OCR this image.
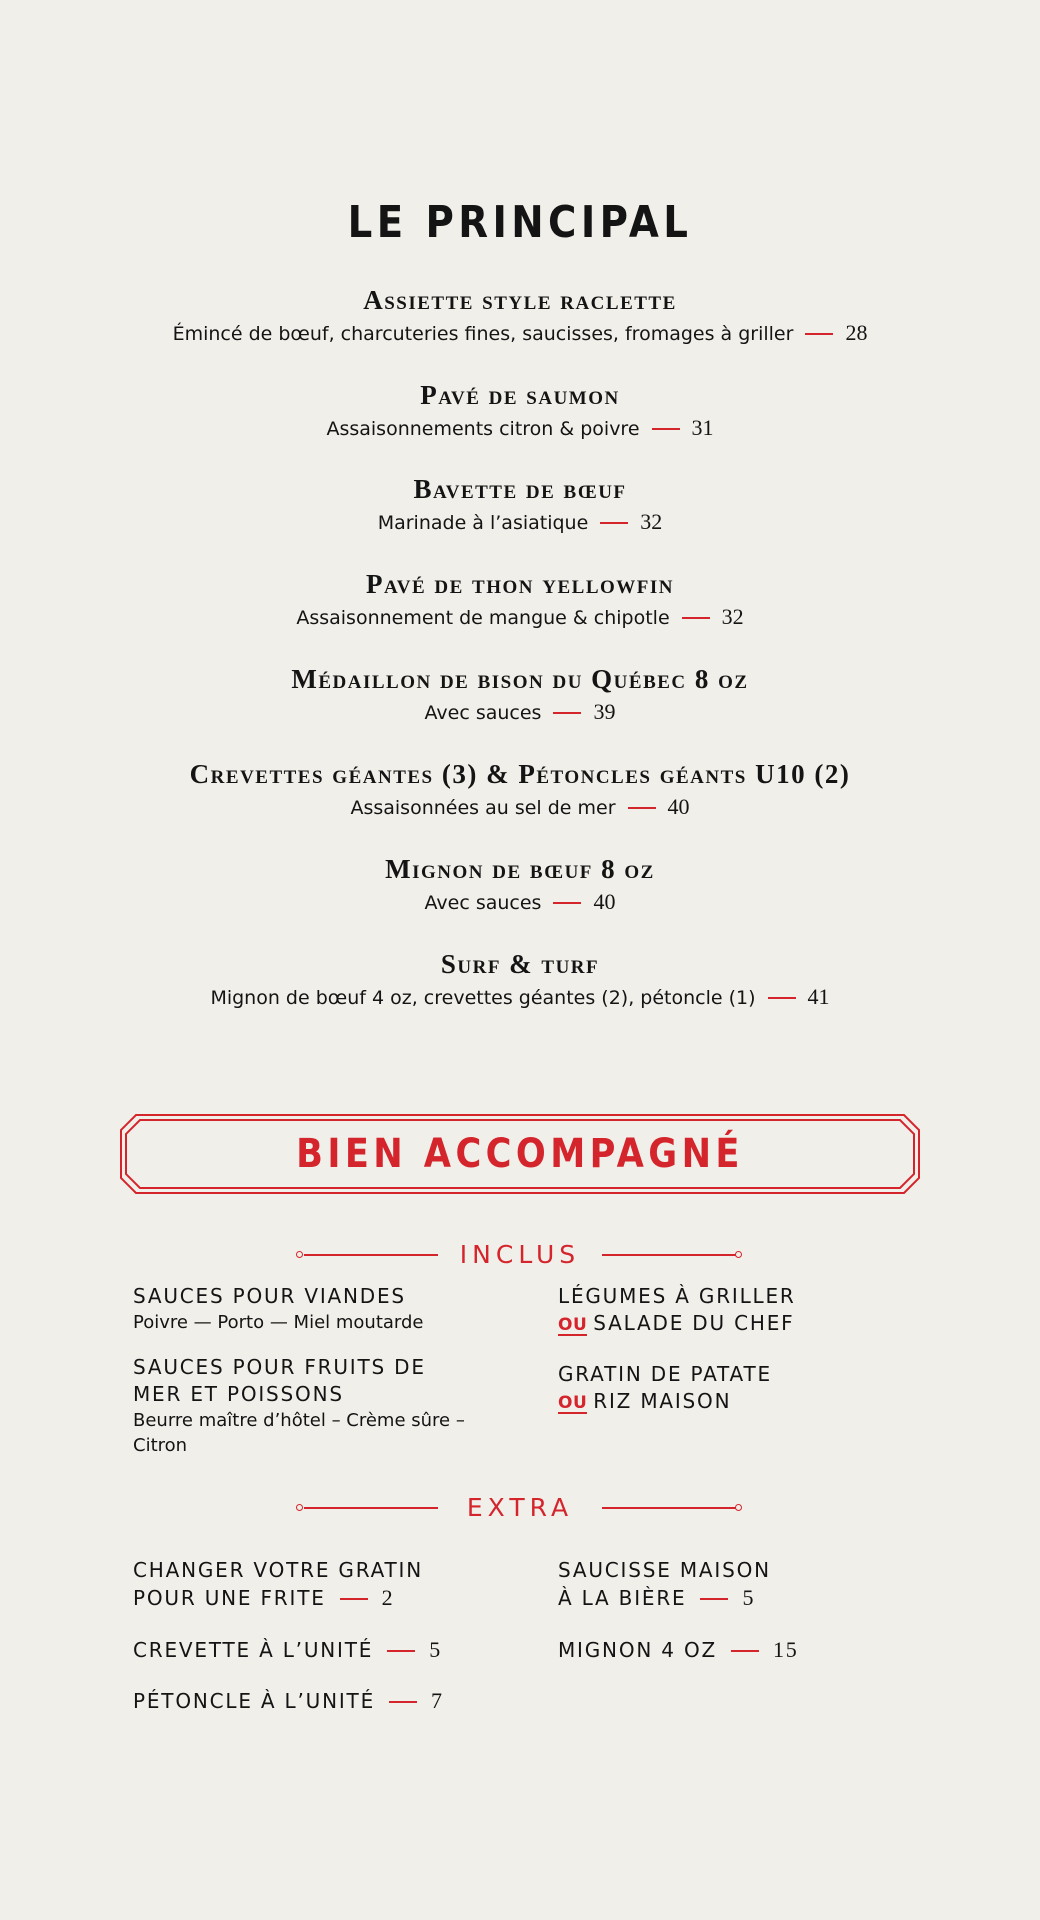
LE PRINCIPAL
Assiette style raclette
Émincé de bœuf, charcuteries fines, saucisses, fromages à griller 28
Pavé de saumon
Assaisonnements citron & poivre 31
Bavette de bœuf
Marinade à l’asiatique 32
Pavé de thon yellowfin
Assaisonnement de mangue & chipotle 32
Médaillon de bison du Québec 8 oz
Avec sauces 39
Crevettes géantes (3) & Pétoncles géants U10 (2)
Assaisonnées au sel de mer 40
Mignon de bœuf 8 oz
Avec sauces 40
Surf & turf
Mignon de bœuf 4 oz, crevettes géantes (2), pétoncle (1) 41
BIEN ACCOMPAGNÉ
INCLUS
SAUCES POUR VIANDES
Poivre — Porto — Miel moutarde
SAUCES POUR FRUITS DE
MER ET POISSONS
Beurre maître d’hôtel – Crème sûre –
Citron
LÉGUMES À GRILLER
OU SALADE DU CHEF
GRATIN DE PATATE
OU RIZ MAISON
EXTRA
CHANGER VOTRE GRATIN
POUR UNE FRITE	2
CREVETTE À L’UNITÉ	5
PÉTONCLE À L’UNITÉ	7
SAUCISSE MAISON
À LA BIÈRE	5
MIGNON 4 OZ	15
